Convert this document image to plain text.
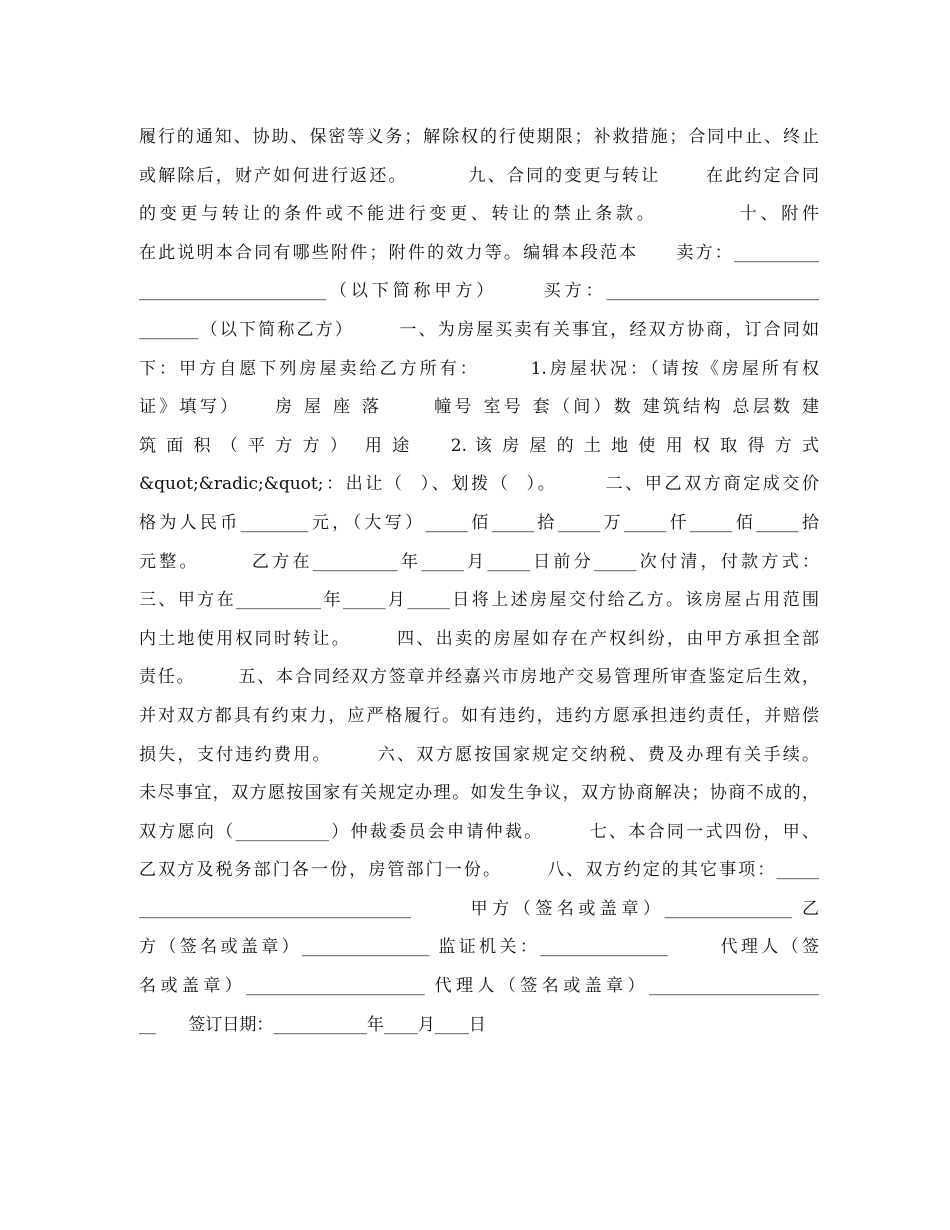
履行的通知、协助、保密等义务；解除权的行使期限；补救措施；合同中止、终止
或解除后，财产如何进行返还。        九、合同的变更与转让      在此约定合同
的变更与转让的条件或不能进行变更、转让的禁止条款。         十、附件
在此说明本合同有哪些附件；附件的效力等。编辑本段范本     卖方：__________
______________________（以下简称甲方）     买方：_________________________
_______（以下简称乙方）      一、为房屋买卖有关事宜，经双方协商，订合同如
下：甲方自愿下列房屋卖给乙方所有：      1.房屋状况：（请按《房屋所有权
证》填写）    房 屋 座 落      幢号 室号 套（间）数 建筑结构 总层数 建
筑 面 积 （ 平 方 方 ）  用 途     2. 该 房 屋 的 土 地 使 用 权 取 得 方 式
&quot;&radic;&quot;：出让（  ）、划拨（  ）。      二、甲乙双方商定成交价
格为人民币________元，（大写）_____佰_____拾_____万_____仟_____佰_____拾
元整。      乙方在__________年_____月_____日前分_____次付清，付款方式：
三、甲方在__________年_____月_____日将上述房屋交付给乙方。该房屋占用范围
内土地使用权同时转让。      四、出卖的房屋如存在产权纠纷，由甲方承担全部
责任。      五、本合同经双方签章并经嘉兴市房地产交易管理所审查鉴定后生效，
并对双方都具有约束力，应严格履行。如有违约，违约方愿承担违约责任，并赔偿
损失，支付违约费用。      六、双方愿按国家规定交纳税、费及办理有关手续。
未尽事宜，双方愿按国家有关规定办理。如发生争议，双方协商解决；协商不成的，
双方愿向（___________）仲裁委员会申请仲裁。      七、本合同一式四份，甲、
乙双方及税务部门各一份，房管部门一份。      八、双方约定的其它事项：_____
________________________________      甲方（签名或盖章）_______________ 乙
方（签名或盖章）_______________ 监证机关：_______________      代理人（签
名或盖章）_____________________ 代理人（签名或盖章）____________________
__      签订日期：___________年____月____日
